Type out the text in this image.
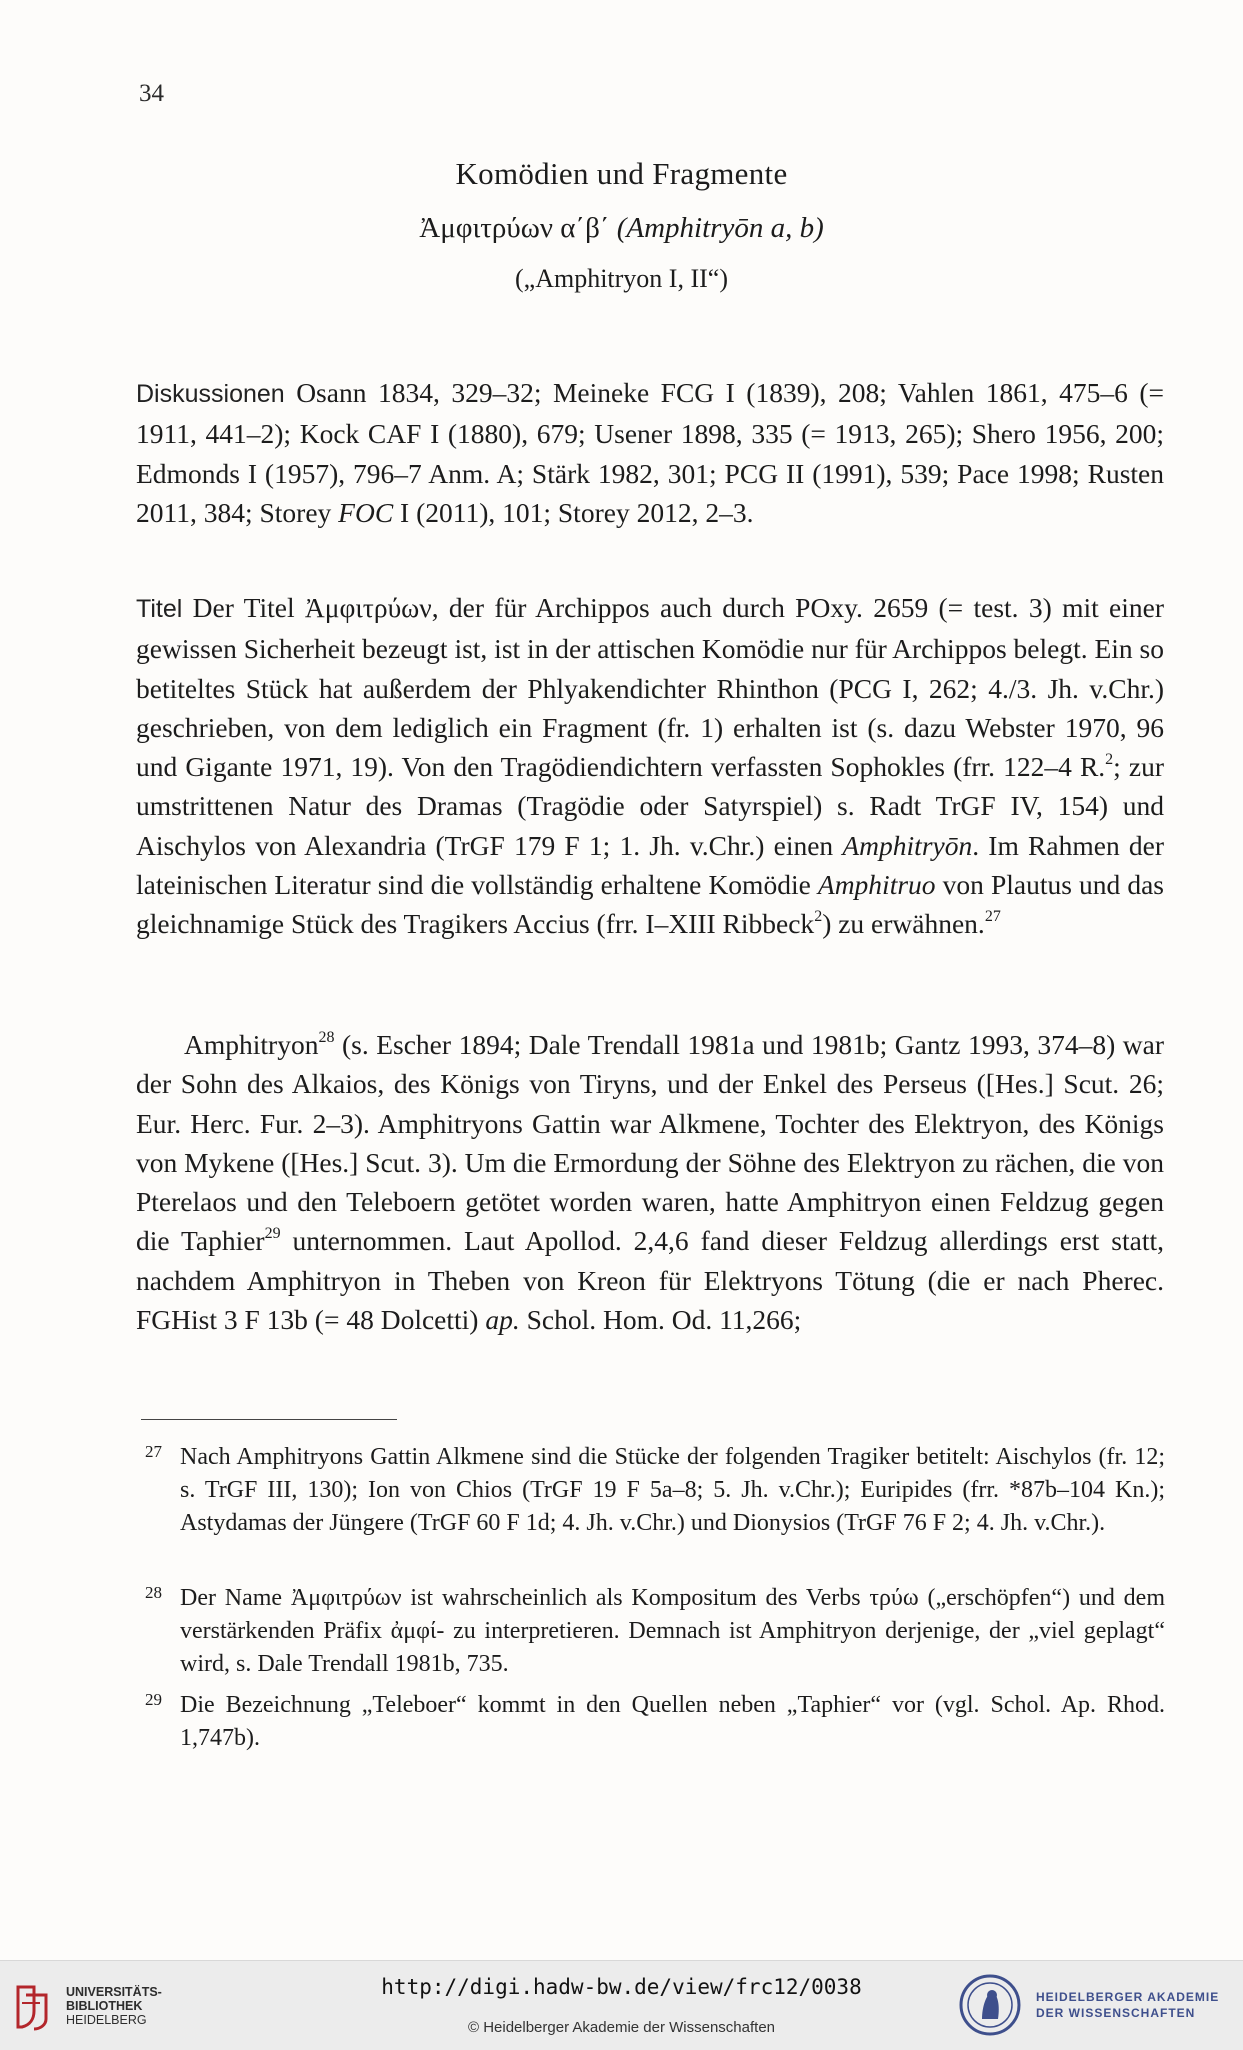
34
Komödien und Fragmente
Ἀμφιτρύων α΄β΄ (Amphitryōn a, b)
(„Amphitryon I, II“)

Diskussionen Osann 1834, 329–32; Meineke FCG I (1839), 208; Vahlen 1861, 475–6 (= 1911, 441–2); Kock CAF I (1880), 679; Usener 1898, 335 (= 1913, 265); Shero 1956, 200; Edmonds I (1957), 796–7 Anm. A; Stärk 1982, 301; PCG II (1991), 539; Pace 1998; Rusten 2011, 384; Storey FOC I (2011), 101; Storey 2012, 2–3.

Titel Der Titel Ἀμφιτρύων, der für Archippos auch durch POxy. 2659 (= test. 3) mit einer gewissen Sicherheit bezeugt ist, ist in der attischen Komödie nur für Archippos belegt. Ein so betiteltes Stück hat außerdem der Phlyakendichter Rhinthon (PCG I, 262; 4./3. Jh. v.Chr.) geschrieben, von dem lediglich ein Fragment (fr. 1) erhalten ist (s. dazu Webster 1970, 96 und Gigante 1971, 19). Von den Tragödiendichtern verfassten Sophokles (frr. 122–4 R.$^2$; zur umstrittenen Natur des Dramas (Tragödie oder Satyrspiel) s. Radt TrGF IV, 154) und Aischylos von Alexandria (TrGF 179 F 1; 1. Jh. v.Chr.) einen Amphitryōn. Im Rahmen der lateinischen Literatur sind die vollständig erhaltene Komödie Amphitruo von Plautus und das gleichnamige Stück des Tragikers Accius (frr. I–XIII Ribbeck$^2$) zu erwähnen.$^{27}$

Amphitryon$^{28}$ (s. Escher 1894; Dale Trendall 1981a und 1981b; Gantz 1993, 374–8) war der Sohn des Alkaios, des Königs von Tiryns, und der Enkel des Perseus ([Hes.] Scut. 26; Eur. Herc. Fur. 2–3). Amphitryons Gattin war Alkmene, Tochter des Elektryon, des Königs von Mykene ([Hes.] Scut. 3). Um die Ermordung der Söhne des Elektryon zu rächen, die von Pterelaos und den Teleboern getötet worden waren, hatte Amphitryon einen Feldzug gegen die Taphier$^{29}$ unternommen. Laut Apollod. 2,4,6 fand dieser Feldzug allerdings erst statt, nachdem Amphitryon in Theben von Kreon für Elektryons Tötung (die er nach Pherec. FGHist 3 F 13b (= 48 Dolcetti) ap. Schol. Hom. Od. 11,266;

27 Nach Amphitryons Gattin Alkmene sind die Stücke der folgenden Tragiker betitelt: Aischylos (fr. 12; s. TrGF III, 130); Ion von Chios (TrGF 19 F 5a–8; 5. Jh. v.Chr.); Euripides (frr. *87b–104 Kn.); Astydamas der Jüngere (TrGF 60 F 1d; 4. Jh. v.Chr.) und Dionysios (TrGF 76 F 2; 4. Jh. v.Chr.).
28 Der Name Ἀμφιτρύων ist wahrscheinlich als Kompositum des Verbs τρύω („erschöpfen“) und dem verstärkenden Präfix ἀμφί- zu interpretieren. Demnach ist Amphitryon derjenige, der „viel geplagt“ wird, s. Dale Trendall 1981b, 735.
29 Die Bezeichnung „Teleboer“ kommt in den Quellen neben „Taphier“ vor (vgl. Schol. Ap. Rhod. 1,747b).
UNIVERSITÄTS-
BIBLIOTHEK
HEIDELBERG
http://digi.hadw-bw.de/view/frc12/0038
© Heidelberger Akademie der Wissenschaften
HEIDELBERGER AKADEMIE
DER WISSENSCHAFTEN
